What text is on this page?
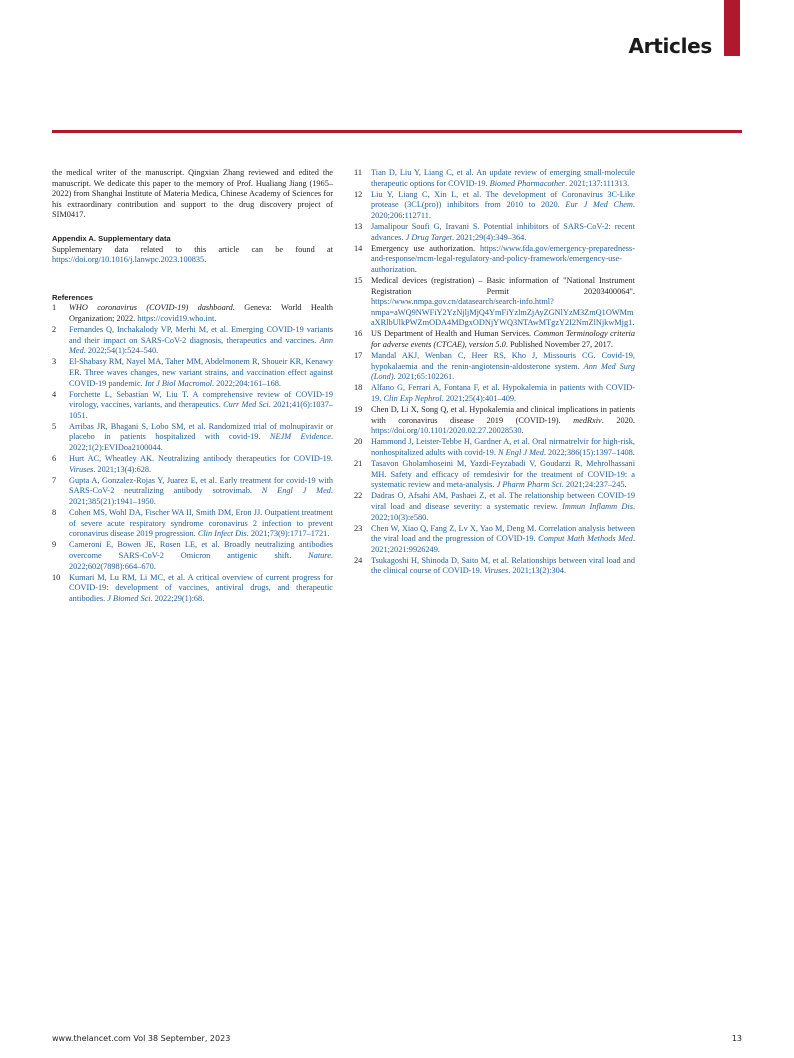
Articles

the medical writer of the manuscript. Qingxian Zhang reviewed and edited the manuscript. We dedicate this paper to the memory of Prof. Hualiang Jiang (1965–2022) from Shanghai Institute of Materia Medica, Chinese Academy of Sciences for his extraordinary contribution and support to the drug discovery project of SIM0417.

Appendix A. Supplementary data

Supplementary data related to this article can be found at https://doi.org/10.1016/j.lanwpc.2023.100835.

References
1	WHO coronavirus (COVID-19) dashboard. Geneva: World Health Organization; 2022. https://covid19.who.int.
2	Fernandes Q, Inchakalody VP, Merhi M, et al. Emerging COVID-19 variants and their impact on SARS-CoV-2 diagnosis, therapeutics and vaccines. Ann Med. 2022;54(1):524–540.
3	El-Shabasy RM, Nayel MA, Taher MM, Abdelmonem R, Shoueir KR, Kenawy ER. Three waves changes, new variant strains, and vaccination effect against COVID-19 pandemic. Int J Biol Macromol. 2022;204:161–168.
4	Forchette L, Sebastian W, Liu T. A comprehensive review of COVID-19 virology, vaccines, variants, and therapeutics. Curr Med Sci. 2021;41(6):1037–1051.
5	Arribas JR, Bhagani S, Lobo SM, et al. Randomized trial of molnupiravir or placebo in patients hospitalized with covid-19. NEJM Evidence. 2022;1(2):EVIDoa2100044.
6	Hurt AC, Wheatley AK. Neutralizing antibody therapeutics for COVID-19. Viruses. 2021;13(4):628.
7	Gupta A, Gonzalez-Rojas Y, Juarez E, et al. Early treatment for covid-19 with SARS-CoV-2 neutralizing antibody sotrovimab. N Engl J Med. 2021;385(21):1941–1950.
8	Cohen MS, Wohl DA, Fischer WA II, Smith DM, Eron JJ. Outpatient treatment of severe acute respiratory syndrome coronavirus 2 infection to prevent coronavirus disease 2019 progression. Clin Infect Dis. 2021;73(9):1717–1721.
9	Cameroni E, Bowen JE, Rosen LE, et al. Broadly neutralizing antibodies overcome SARS-CoV-2 Omicron antigenic shift. Nature. 2022;602(7898):664–670.
10	Kumari M, Lu RM, Li MC, et al. A critical overview of current progress for COVID-19: development of vaccines, antiviral drugs, and therapeutic antibodies. J Biomed Sci. 2022;29(1):68.
11	Tian D, Liu Y, Liang C, et al. An update review of emerging small-molecule therapeutic options for COVID-19. Biomed Pharmacother. 2021;137:111313.
12	Liu Y, Liang C, Xin L, et al. The development of Coronavirus 3C-Like protease (3CL(pro)) inhibitors from 2010 to 2020. Eur J Med Chem. 2020;206:112711.
13	Jamalipour Soufi G, Iravani S. Potential inhibitors of SARS-CoV-2: recent advances. J Drug Target. 2021;29(4):349–364.
14	Emergency use authorization. https://www.fda.gov/emergency-preparedness-and-response/mcm-legal-regulatory-and-policy-framework/emergency-use-authorization.
15	Medical devices (registration) – Basic information of "National Instrument Registration Permit 20203400064". https://www.nmpa.gov.cn/datasearch/search-info.html?nmpa=aWQ9NWFiY2YzNjljMjQ4YmFiYzlmZjAyZGNlYzM3ZmQ1OWMmaXRlbUlkPWZmODA4MDgxODNjYWQ3NTAwMTgzY2I2NmZlNjkwMjg1.
16	US Department of Health and Human Services. Common Terminology criteria for adverse events (CTCAE), version 5.0. Published November 27, 2017.
17	Mandal AKJ, Wenban C, Heer RS, Kho J, Missouris CG. Covid-19, hypokalaemia and the renin-angiotensin-aldosterone system. Ann Med Surg (Lond). 2021;65:102261.
18	Alfano G, Ferrari A, Fontana F, et al. Hypokalemia in patients with COVID-19. Clin Exp Nephrol. 2021;25(4):401–409.
19	Chen D, Li X, Song Q, et al. Hypokalemia and clinical implications in patients with coronavirus disease 2019 (COVID-19). medRxiv. 2020. https://doi.org/10.1101/2020.02.27.20028530.
20	Hammond J, Leister-Tebbe H, Gardner A, et al. Oral nirmatrelvir for high-risk, nonhospitalized adults with covid-19. N Engl J Med. 2022;386(15):1397–1408.
21	Tasavon Gholamhoseini M, Yazdi-Feyzabadi V, Goudarzi R, Mehrolhassani MH. Safety and efficacy of remdesivir for the treatment of COVID-19: a systematic review and meta-analysis. J Pharm Pharm Sci. 2021;24:237–245.
22	Dadras O, Afsahi AM, Pashaei Z, et al. The relationship between COVID-19 viral load and disease severity: a systematic review. Immun Inflamm Dis. 2022;10(3):e580.
23	Chen W, Xiao Q, Fang Z, Lv X, Yao M, Deng M. Correlation analysis between the viral load and the progression of COVID-19. Comput Math Methods Med. 2021;2021:9926249.
24	Tsukagoshi H, Shinoda D, Saito M, et al. Relationships between viral load and the clinical course of COVID-19. Viruses. 2021;13(2):304.
www.thelancet.com Vol 38 September, 2023	13
